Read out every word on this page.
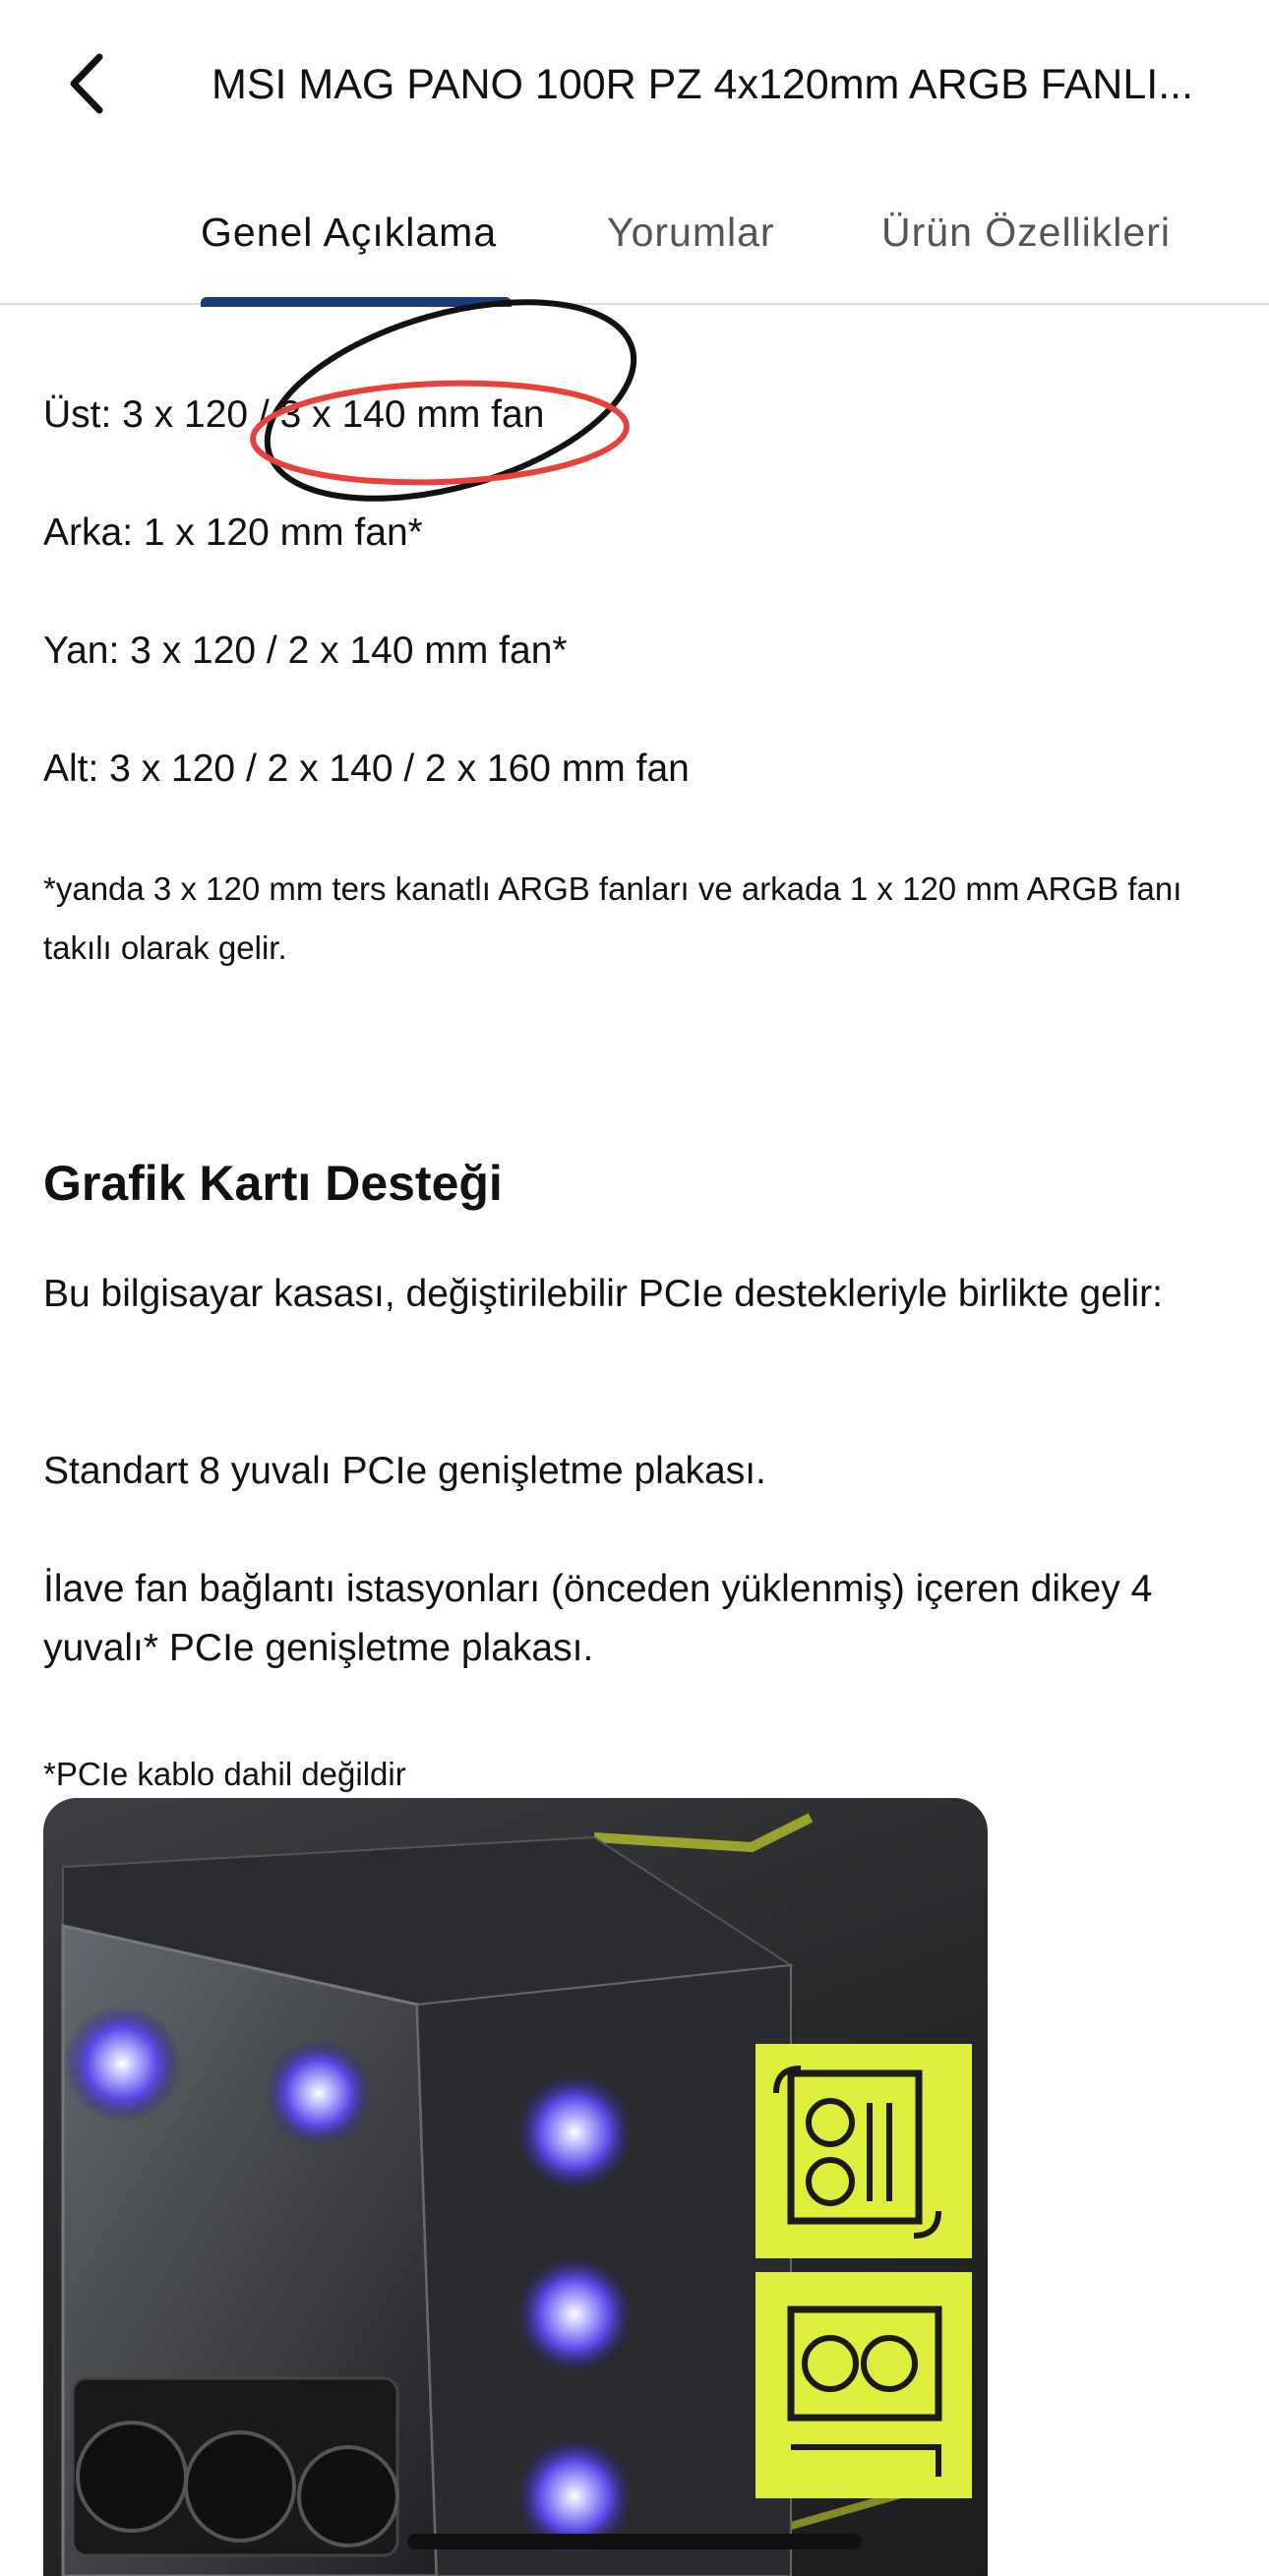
MSI MAG PANO 100R PZ 4x120mm ARGB FANLI...
Genel Açıklama	Yorumlar	Ürün Özellikleri
Üst: 3 x 120 / 3 x 140 mm fan
Arka: 1 x 120 mm fan*
Yan: 3 x 120 / 2 x 140 mm fan*
Alt: 3 x 120 / 2 x 140 / 2 x 160 mm fan
*yanda 3 x 120 mm ters kanatlı ARGB fanları ve arkada 1 x 120 mm ARGB fanı takılı olarak gelir.
Grafik Kartı Desteği
Bu bilgisayar kasası, değiştirilebilir PCIe destekleriyle birlikte gelir:
Standart 8 yuvalı PCIe genişletme plakası.
İlave fan bağlantı istasyonları (önceden yüklenmiş) içeren dikey 4 yuvalı* PCIe genişletme plakası.
*PCIe kablo dahil değildir
